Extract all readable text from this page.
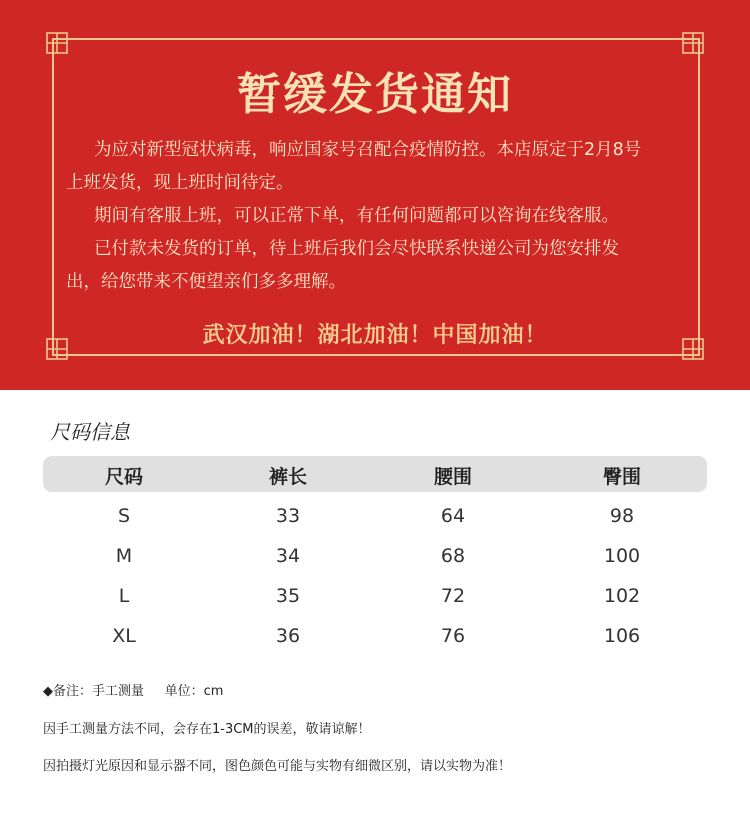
暂缓发货通知

为应对新型冠状病毒，响应国家号召配合疫情防控。本店原定于2月8号

上班发货，现上班时间待定。

期间有客服上班，可以正常下单，有任何问题都可以咨询在线客服。

已付款未发货的订单，待上班后我们会尽快联系快递公司为您安排发

出，给您带来不便望亲们多多理解。

武汉加油！湖北加油！中国加油！
尺码信息
尺码	裤长	腰围	臀围
S	33	64	98
M	34	68	100
L	35	72	102
XL	36	76	106
◆备注：手工测量     单位：cm
因手工测量方法不同，会存在1-3CM的误差，敬请谅解！
因拍摄灯光原因和显示器不同，图色颜色可能与实物有细微区别，请以实物为准！
